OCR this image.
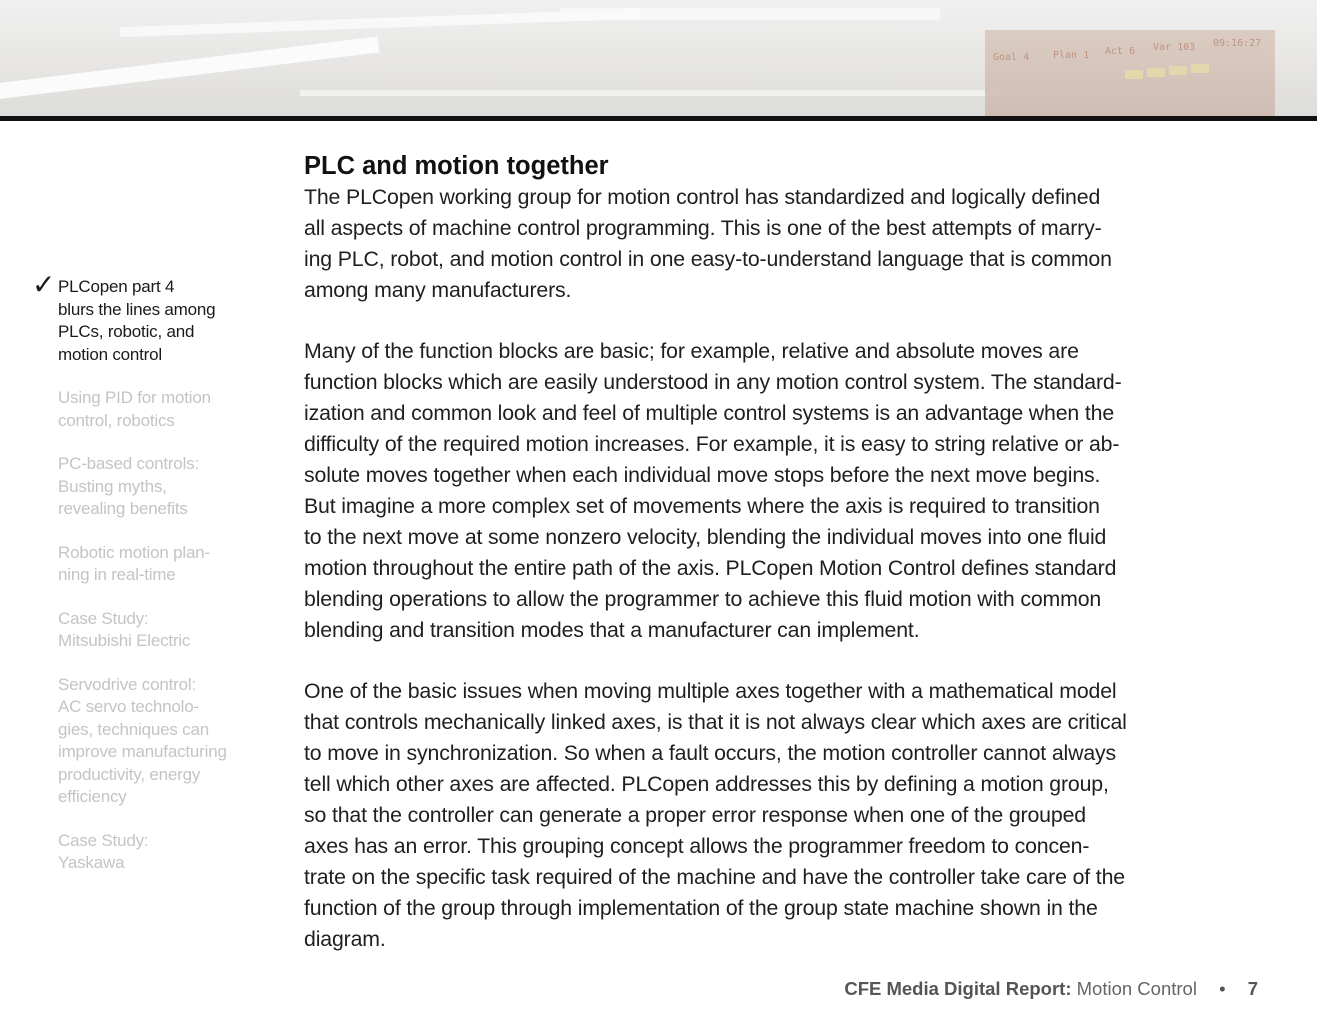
Goal 4 Plan 1 Act 6 Var 103 09:16:27
✓ PLCopen part 4
blurs the lines among
PLCs, robotic, and
motion control
Using PID for motion
control, robotics
PC-based controls:
Busting myths,
revealing benefits
Robotic motion plan-
ning in real-time
Case Study:
Mitsubishi Electric
Servodrive control:
AC servo technolo-
gies, techniques can
improve manufacturing
productivity, energy
efficiency
Case Study:
Yaskawa
PLC and motion together

The PLCopen working group for motion control has standardized and logically defined
all aspects of machine control programming. This is one of the best attempts of marry-
ing PLC, robot, and motion control in one easy-to-understand language that is common
among many manufacturers.

Many of the function blocks are basic; for example, relative and absolute moves are
function blocks which are easily understood in any motion control system. The standard-
ization and common look and feel of multiple control systems is an advantage when the
difficulty of the required motion increases. For example, it is easy to string relative or ab-
solute moves together when each individual move stops before the next move begins.
But imagine a more complex set of movements where the axis is required to transition
to the next move at some nonzero velocity, blending the individual moves into one fluid
motion throughout the entire path of the axis. PLCopen Motion Control defines standard
blending operations to allow the programmer to achieve this fluid motion with common
blending and transition modes that a manufacturer can implement.

One of the basic issues when moving multiple axes together with a mathematical model
that controls mechanically linked axes, is that it is not always clear which axes are critical
to move in synchronization. So when a fault occurs, the motion controller cannot always
tell which other axes are affected. PLCopen addresses this by defining a motion group,
so that the controller can generate a proper error response when one of the grouped
axes has an error. This grouping concept allows the programmer freedom to concen-
trate on the specific task required of the machine and have the controller take care of the
function of the group through implementation of the group state machine shown in the
diagram.

CFE Media Digital Report: Motion Control • 7
